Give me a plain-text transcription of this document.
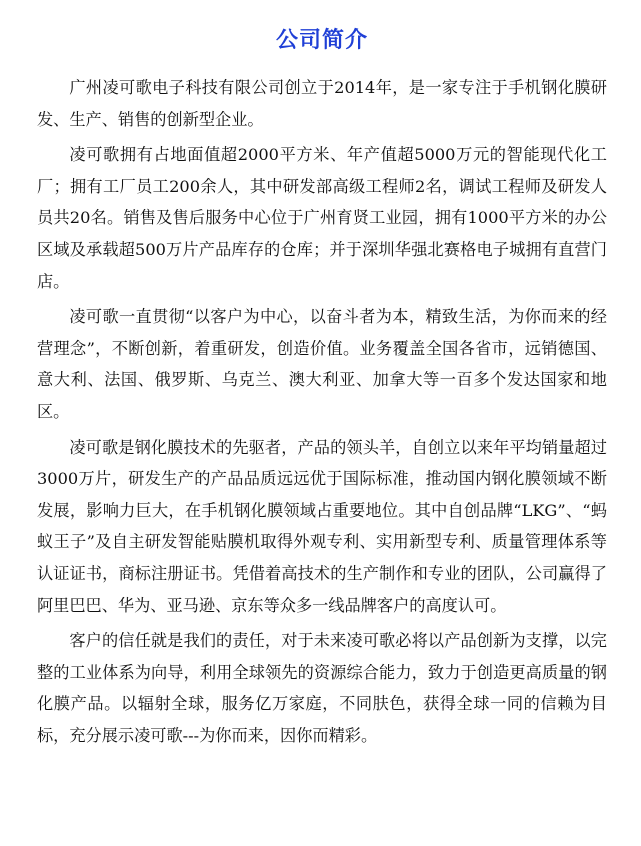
公司简介

广州凌可歌电子科技有限公司创立于2014年，是一家专注于手机钢化膜研发、生产、销售的创新型企业。

凌可歌拥有占地面值超2000平方米、年产值超5000万元的智能现代化工厂；拥有工厂员工200余人，其中研发部高级工程师2名，调试工程师及研发人员共20名。销售及售后服务中心位于广州育贤工业园，拥有1000平方米的办公区域及承载超500万片产品库存的仓库；并于深圳华强北赛格电子城拥有直营门店。

凌可歌一直贯彻“以客户为中心，以奋斗者为本，精致生活，为你而来的经营理念”，不断创新，着重研发，创造价值。业务覆盖全国各省市，远销德国、意大利、法国、俄罗斯、乌克兰、澳大利亚、加拿大等一百多个发达国家和地区。

凌可歌是钢化膜技术的先驱者，产品的领头羊，自创立以来年平均销量超过3000万片，研发生产的产品品质远远优于国际标准，推动国内钢化膜领域不断发展，影响力巨大，在手机钢化膜领域占重要地位。其中自创品牌“LKG”、“蚂蚁王子”及自主研发智能贴膜机取得外观专利、实用新型专利、质量管理体系等认证证书，商标注册证书。凭借着高技术的生产制作和专业的团队，公司赢得了阿里巴巴、华为、亚马逊、京东等众多一线品牌客户的高度认可。

客户的信任就是我们的责任，对于未来凌可歌必将以产品创新为支撑，以完整的工业体系为向导，利用全球领先的资源综合能力，致力于创造更高质量的钢化膜产品。以辐射全球，服务亿万家庭，不同肤色，获得全球一同的信赖为目标，充分展示凌可歌---为你而来，因你而精彩。
